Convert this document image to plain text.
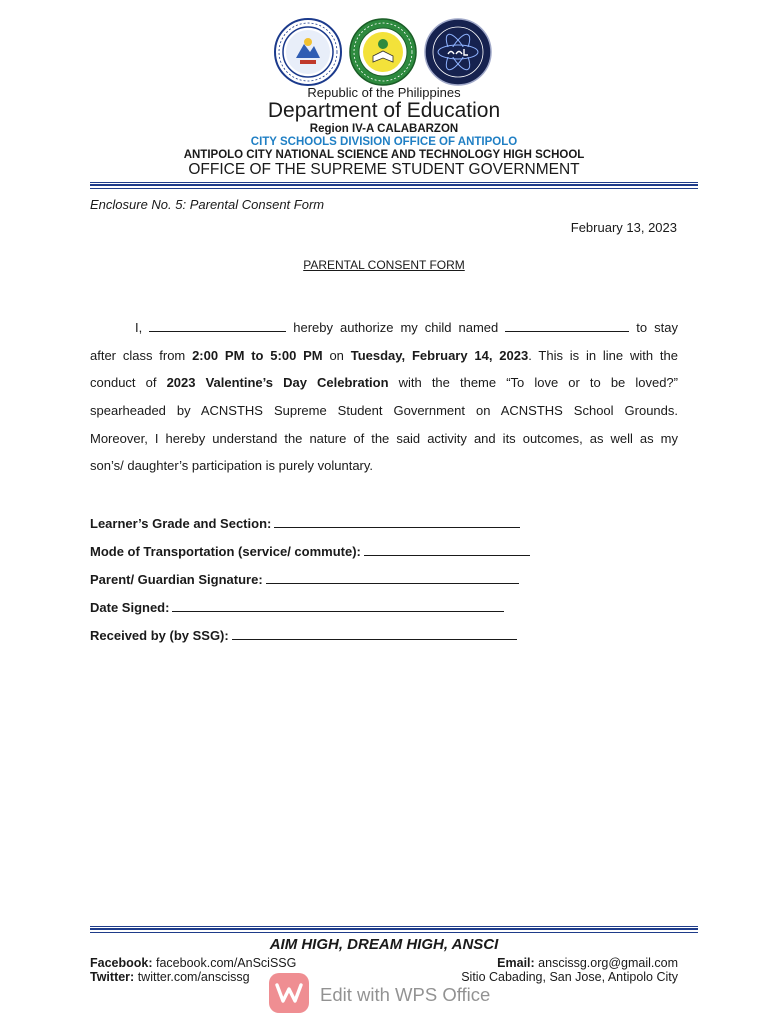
Republic of the Philippines
Department of Education
Region IV-A CALABARZON
CITY SCHOOLS DIVISION OFFICE OF ANTIPOLO
ANTIPOLO CITY NATIONAL SCIENCE AND TECHNOLOGY HIGH SCHOOL
OFFICE OF THE SUPREME STUDENT GOVERNMENT
Enclosure No. 5: Parental Consent Form
February 13, 2023
PARENTAL CONSENT FORM
I,	hereby authorize my child named	to stay
after class from 2:00 PM to 5:00 PM on Tuesday, February 14, 2023. This is in line with the
conduct of 2023 Valentine’s Day Celebration with the theme “To love or to be loved?”
spearheaded by ACNSTHS Supreme Student Government on ACNSTHS School Grounds.
Moreover, I hereby understand the nature of the said activity and its outcomes, as well as my
son’s/ daughter’s participation is purely voluntary.
Learner’s Grade and Section:
Mode of Transportation (service/ commute):
Parent/ Guardian Signature:
Date Signed:
Received by (by SSG):
AIM HIGH, DREAM HIGH, ANSCI
Facebook: facebook.com/AnSciSSG
Twitter: twitter.com/anscissg
Email: anscissg.org@gmail.com
Sitio Cabading, San Jose, Antipolo City
Edit with WPS Office
